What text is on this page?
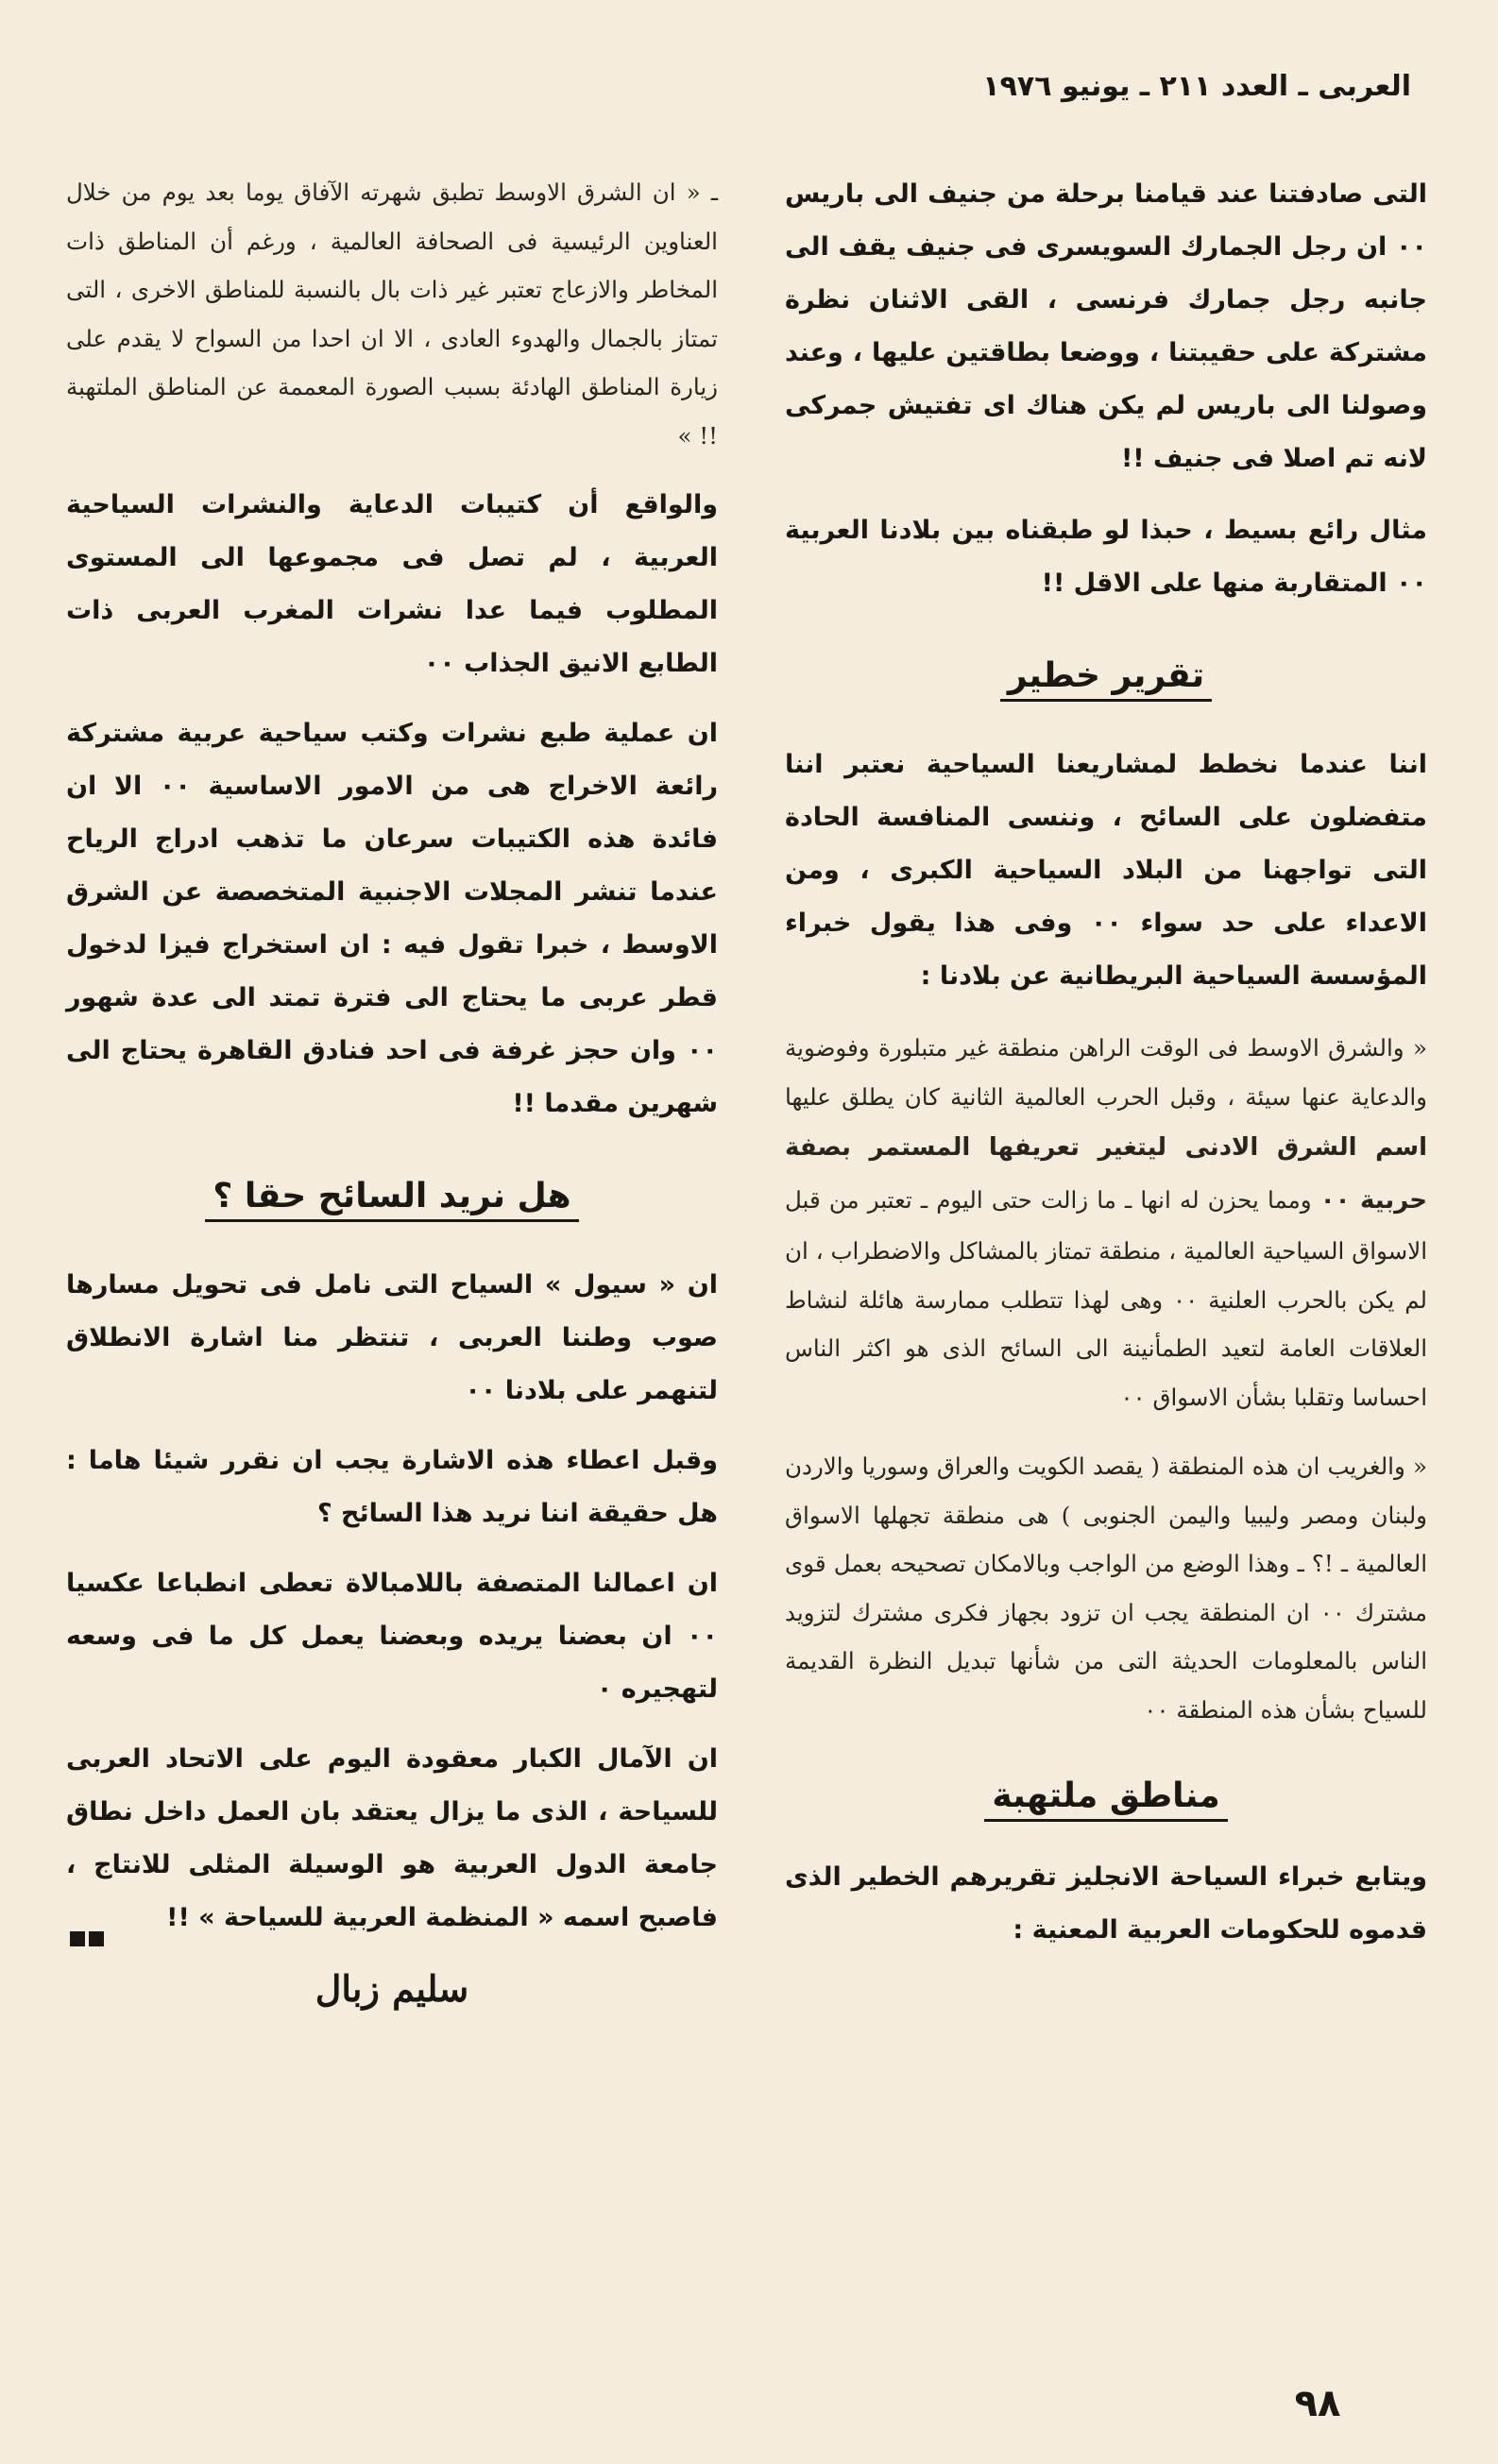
العربى ـ العدد ٢١١ ـ يونيو ١٩٧٦

التى صادفتنا عند قيامنا برحلة من جنيف الى باريس ٠٠ ان رجل الجمارك السويسرى فى جنيف يقف الى جانبه رجل جمارك فرنسى ، القى الاثنان نظرة مشتركة على حقيبتنا ، ووضعا بطاقتين عليها ، وعند وصولنا الى باريس لم يكن هناك اى تفتيش جمركى لانه تم اصلا فى جنيف !!

مثال رائع بسيط ، حبذا لو طبقناه بين بلادنا العربية ٠٠ المتقاربة منها على الاقل !!

تقرير خطير

اننا عندما نخطط لمشاريعنا السياحية نعتبر اننا متفضلون على السائح ، وننسى المنافسة الحادة التى تواجهنا من البلاد السياحية الكبرى ، ومن الاعداء على حد سواء ٠٠ وفى هذا يقول خبراء المؤسسة السياحية البريطانية عن بلادنا :

« والشرق الاوسط فى الوقت الراهن منطقة غير متبلورة وفوضوية والدعاية عنها سيئة ، وقبل الحرب العالمية الثانية كان يطلق عليها اسم الشرق الادنى ليتغير تعريفها المستمر بصفة حربية ٠٠ ومما يحزن له انها ـ ما زالت حتى اليوم ـ تعتبر من قبل الاسواق السياحية العالمية ، منطقة تمتاز بالمشاكل والاضطراب ، ان لم يكن بالحرب العلنية ٠٠ وهى لهذا تتطلب ممارسة هائلة لنشاط العلاقات العامة لتعيد الطمأنينة الى السائح الذى هو اكثر الناس احساسا وتقلبا بشأن الاسواق ٠٠

« والغريب ان هذه المنطقة ( يقصد الكويت والعراق وسوريا والاردن ولبنان ومصر وليبيا واليمن الجنوبى ) هى منطقة تجهلها الاسواق العالمية ـ !؟ ـ وهذا الوضع من الواجب وبالامكان تصحيحه بعمل قوى مشترك ٠٠ ان المنطقة يجب ان تزود بجهاز فكرى مشترك لتزويد الناس بالمعلومات الحديثة التى من شأنها تبديل النظرة القديمة للسياح بشأن هذه المنطقة ٠٠

مناطق ملتهبة

ويتابع خبراء السياحة الانجليز تقريرهم الخطير الذى قدموه للحكومات العربية المعنية :

ـ « ان الشرق الاوسط تطبق شهرته الآفاق يوما بعد يوم من خلال العناوين الرئيسية فى الصحافة العالمية ، ورغم أن المناطق ذات المخاطر والازعاج تعتبر غير ذات بال بالنسبة للمناطق الاخرى ، التى تمتاز بالجمال والهدوء العادى ، الا ان احدا من السواح لا يقدم على زيارة المناطق الهادئة بسبب الصورة المعممة عن المناطق الملتهبة !! »

والواقع أن كتيبات الدعاية والنشرات السياحية العربية ، لم تصل فى مجموعها الى المستوى المطلوب فيما عدا نشرات المغرب العربى ذات الطابع الانيق الجذاب ٠٠

ان عملية طبع نشرات وكتب سياحية عربية مشتركة رائعة الاخراج هى من الامور الاساسية ٠٠ الا ان فائدة هذه الكتيبات سرعان ما تذهب ادراج الرياح عندما تنشر المجلات الاجنبية المتخصصة عن الشرق الاوسط ، خبرا تقول فيه : ان استخراج فيزا لدخول قطر عربى ما يحتاج الى فترة تمتد الى عدة شهور ٠٠ وان حجز غرفة فى احد فنادق القاهرة يحتاج الى شهرين مقدما !!

هل نريد السائح حقا ؟

ان « سيول » السياح التى نامل فى تحويل مسارها صوب وطننا العربى ، تنتظر منا اشارة الانطلاق لتنهمر على بلادنا ٠٠

وقبل اعطاء هذه الاشارة يجب ان نقرر شيئا هاما : هل حقيقة اننا نريد هذا السائح ؟

ان اعمالنا المتصفة باللامبالاة تعطى انطباعا عكسيا ٠٠ ان بعضنا يريده وبعضنا يعمل كل ما فى وسعه لتهجيره ٠

ان الآمال الكبار معقودة اليوم على الاتحاد العربى للسياحة ، الذى ما يزال يعتقد بان العمل داخل نطاق جامعة الدول العربية هو الوسيلة المثلى للانتاج ، فاصبح اسمه « المنظمة العربية للسياحة » !!

سليم زبال

٩٨
